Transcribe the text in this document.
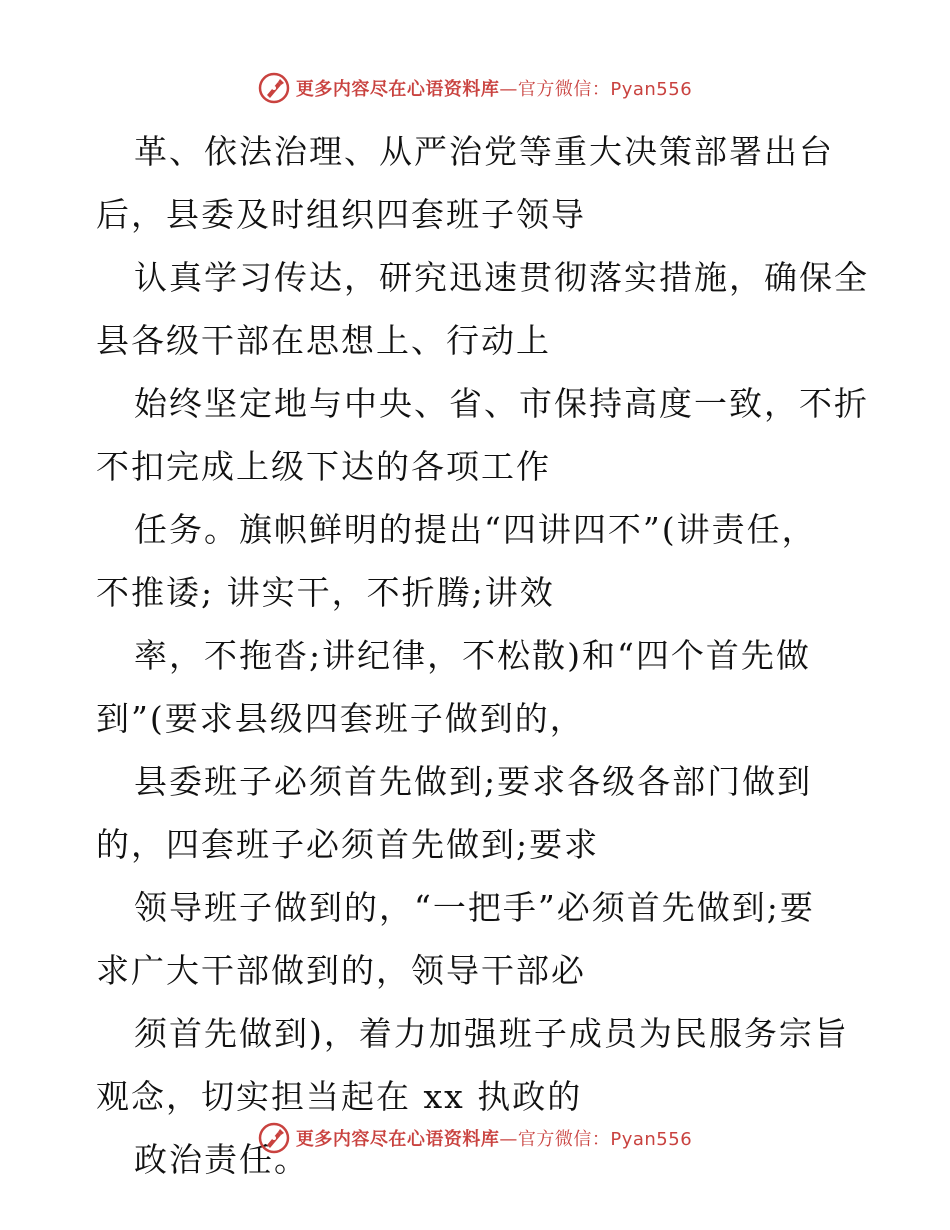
更多内容尽在心语资料库—官方微信：Pyan556

革、依法治理、从严治党等重大决策部署出台

后，县委及时组织四套班子领导

认真学习传达，研究迅速贯彻落实措施，确保全

县各级干部在思想上、行动上

始终坚定地与中央、省、市保持高度一致，不折

不扣完成上级下达的各项工作

任务。旗帜鲜明的提出“四讲四不”(讲责任，

不推诿; 讲实干，不折腾;讲效

率，不拖沓;讲纪律，不松散)和“四个首先做

到”(要求县级四套班子做到的，

县委班子必须首先做到;要求各级各部门做到

的，四套班子必须首先做到;要求

领导班子做到的，“一把手”必须首先做到;要

求广大干部做到的，领导干部必

须首先做到)，着力加强班子成员为民服务宗旨

观念，切实担当起在 xx 执政的

政治责任。

更多内容尽在心语资料库—官方微信：Pyan556
